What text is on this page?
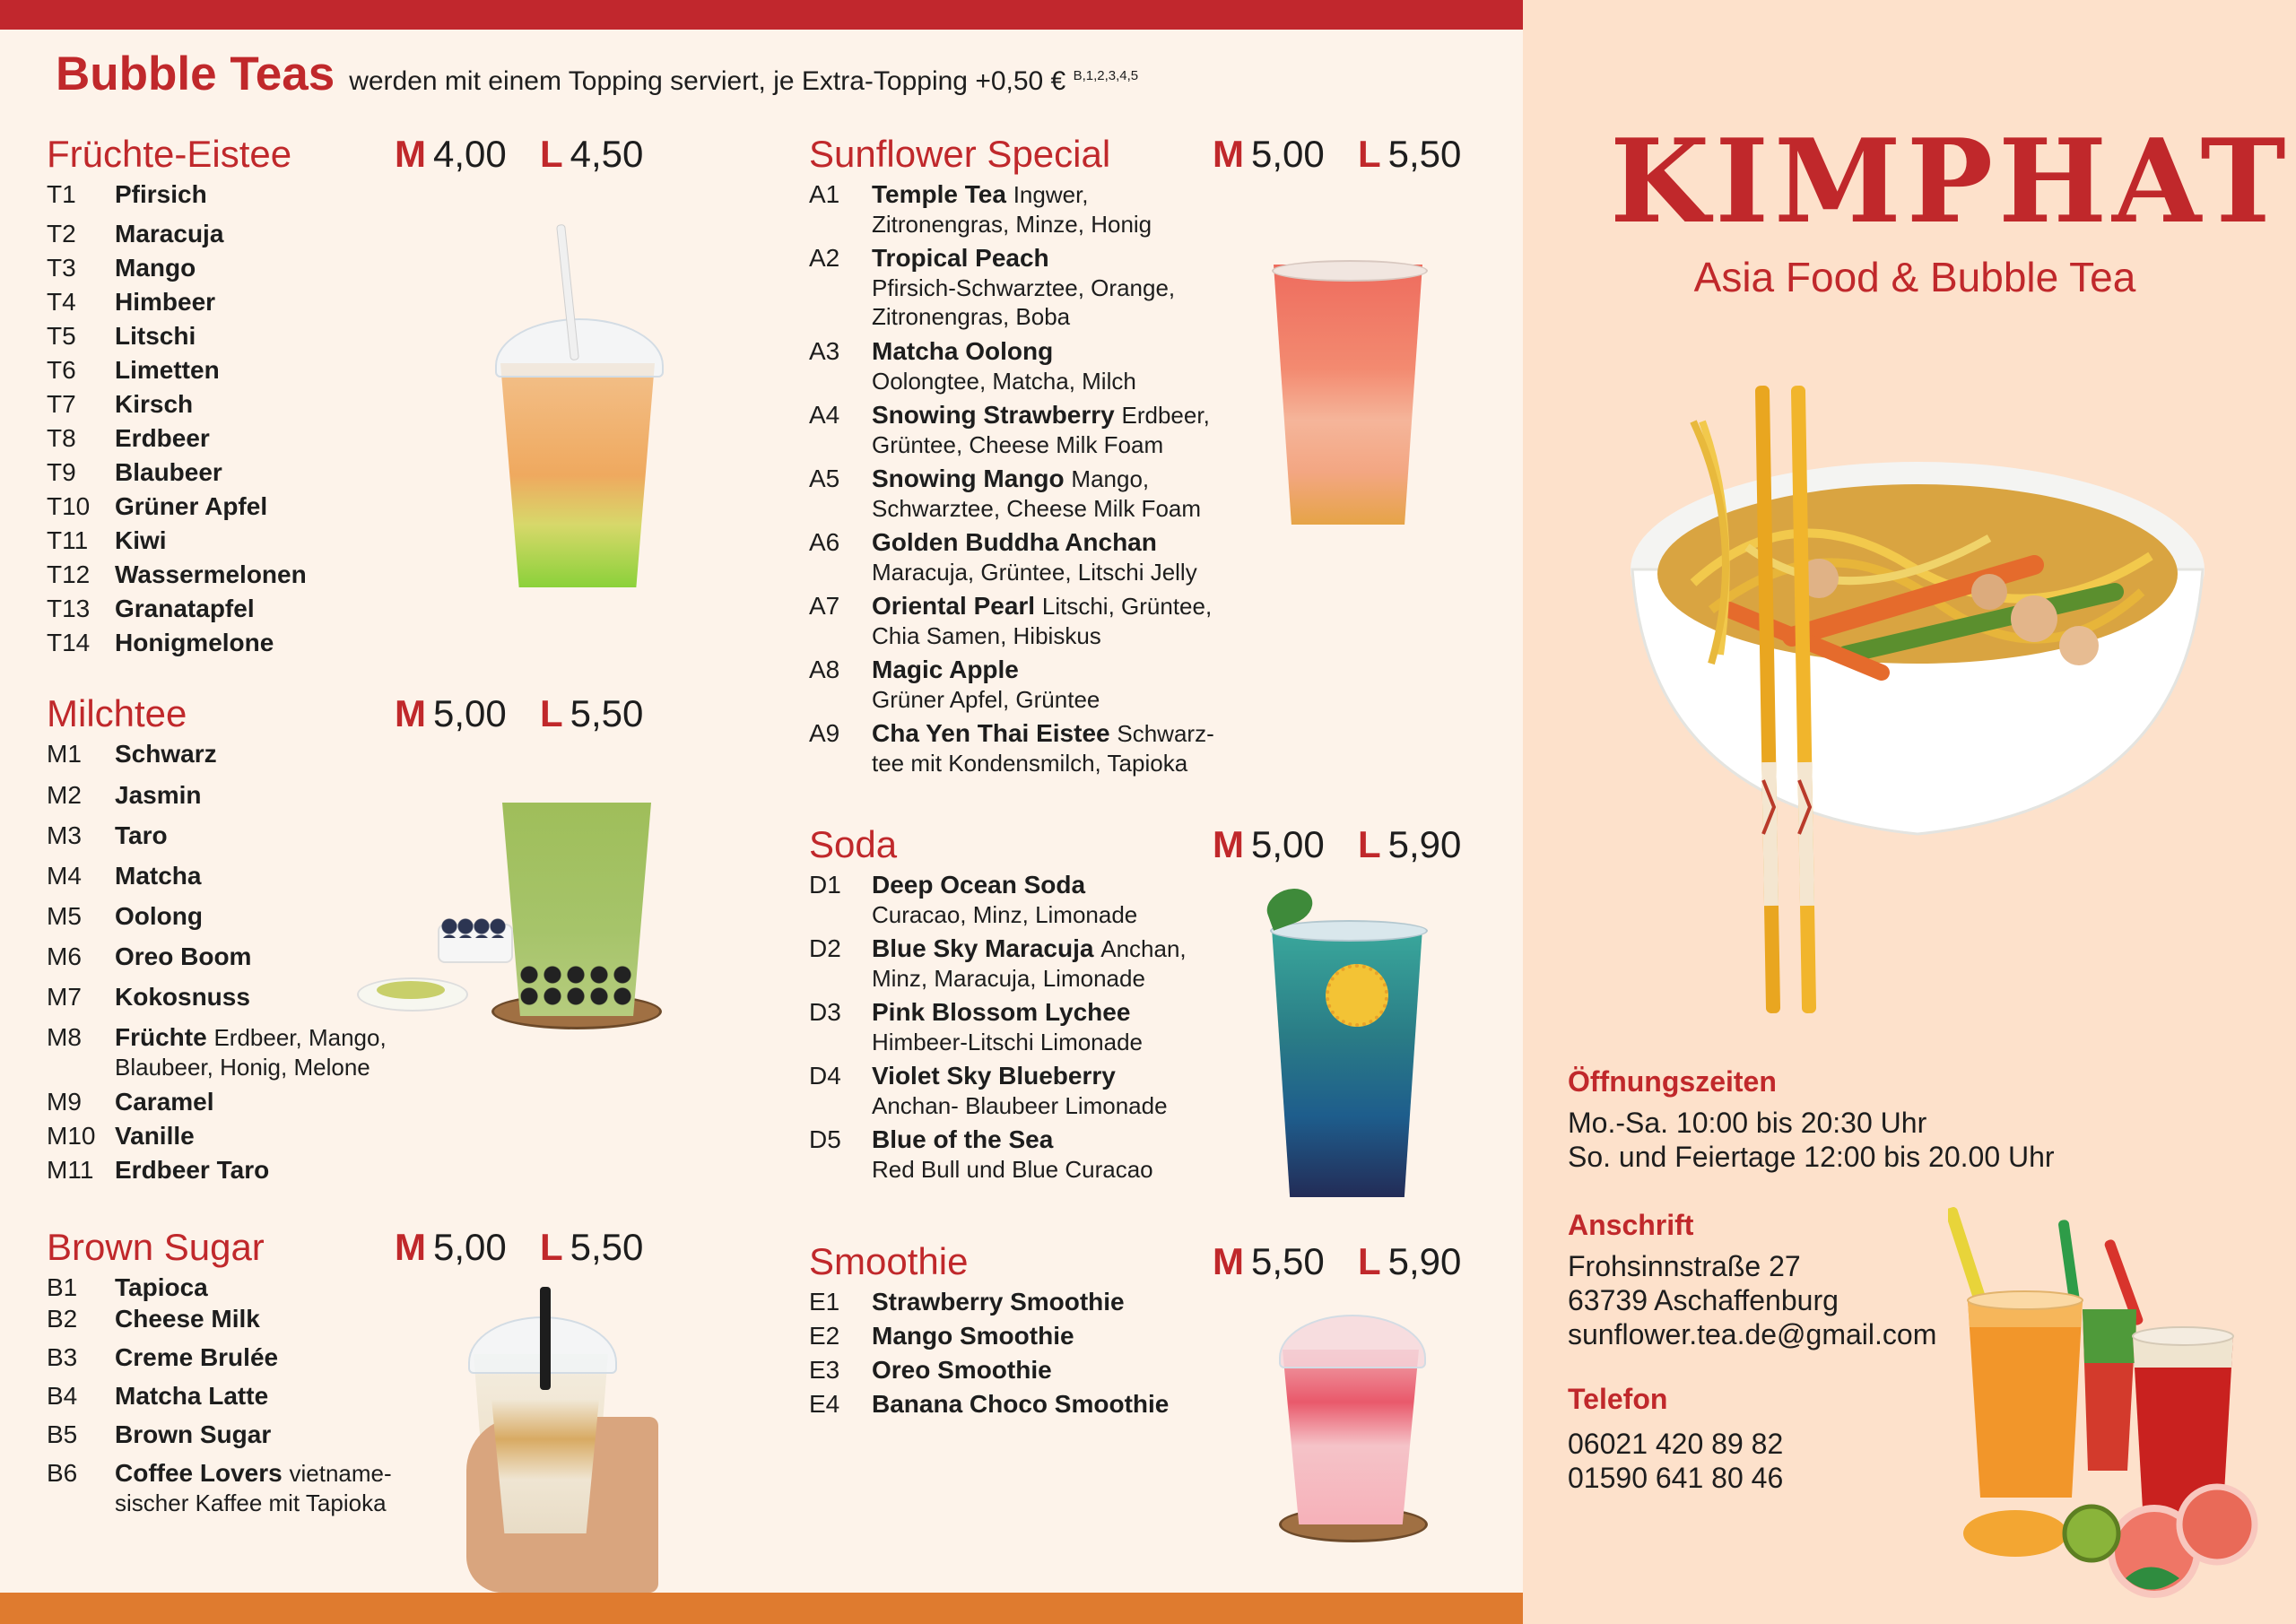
Bubble Teas werden mit einem Topping serviert, je Extra-Topping +0,50 € $^{B,1,2,3,4,5}$
Früchte-Eistee	M 4,00 L 4,50
T1	Pfirsich
T2	Maracuja
T3	Mango
T4	Himbeer
T5	Litschi
T6	Limetten
T7	Kirsch
T8	Erdbeer
T9	Blaubeer
T10 Grüner Apfel
T11	Kiwi
T12 Wassermelonen
T13 Granatapfel
T14 Honigmelone
Milchtee	M 5,00 L 5,50
M1	Schwarz
M2	Jasmin
M3	Taro
M4	Matcha
M5	Oolong
M6	Oreo Boom
M7	Kokosnuss
M8	Früchte Erdbeer, Mango,
Blaubeer, Honig, Melone
M9	Caramel
M10 Vanille
M11 Erdbeer Taro
Brown Sugar	M 5,00 L 5,50
B1	Tapioca
B2	Cheese Milk
B3	Creme Brulée
B4	Matcha Latte
B5	Brown Sugar
B6	Coffee Lovers vietname-
sischer Kaffee mit Tapioka
Sunflower Special	M 5,00 L 5,50
A1	Temple Tea Ingwer,
Zitronengras, Minze, Honig
A2	Tropical Peach
Pfirsich-Schwarztee, Orange,
Zitronengras, Boba
A3	Matcha Oolong
Oolongtee, Matcha, Milch
A4	Snowing Strawberry Erdbeer,
Grüntee, Cheese Milk Foam
A5	Snowing Mango Mango,
Schwarztee, Cheese Milk Foam
A6	Golden Buddha Anchan
Maracuja, Grüntee, Litschi Jelly
A7	Oriental Pearl Litschi, Grüntee,
Chia Samen, Hibiskus
A8	Magic Apple
Grüner Apfel, Grüntee
A9	Cha Yen Thai Eistee Schwarz-
tee mit Kondensmilch, Tapioka
Soda	M 5,00 L 5,90
D1	Deep Ocean Soda
Curacao, Minz, Limonade
D2	Blue Sky Maracuja Anchan,
Minz, Maracuja, Limonade
D3	Pink Blossom Lychee
Himbeer-Litschi Limonade
D4	Violet Sky Blueberry
Anchan- Blaubeer Limonade
D5	Blue of the Sea
Red Bull und Blue Curacao
Smoothie	M 5,50 L 5,90
E1	Strawberry Smoothie
E2	Mango Smoothie
E3	Oreo Smoothie
E4	Banana Choco Smoothie
KIMPHAT
Asia Food & Bubble Tea
Öffnungszeiten
Mo.-Sa. 10:00 bis 20:30 Uhr
So. und Feiertage 12:00 bis 20.00 Uhr
Anschrift
Frohsinnstraße 27
63739 Aschaffenburg
sunflower.tea.de@gmail.com
Telefon
06021 420 89 82
01590 641 80 46
